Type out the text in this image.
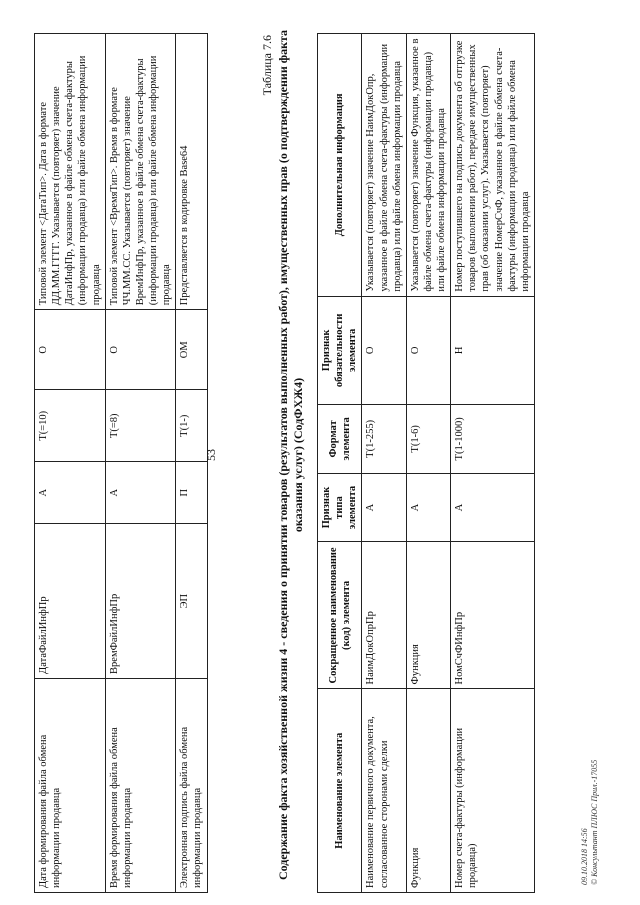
Дата формирования файла обмена информации продавца	ДатаФайлИнфПр	А	T(=10)	О	Типовой элемент <ДатаТип>. Дата в формате ДД.ММ.ГГГГ. Указывается (повторяет) значение ДатаИнфПр, указанное в файле обмена счета-фактуры (информации продавца) или файле обмена информации продавца
Время формирования файла обмена информации продавца	ВремФайлИнфПр	А	T(=8)	О	Типовой элемент <ВремяТип>. Время в формате ЧЧ.ММ.СС. Указывается (повторяет) значение ВремИнфПр, указанное в файле обмена счета-фактуры (информации продавца) или файле обмена информации продавца
Электронная подпись файла обмена информации продавца	ЭП	П	T(1-)	ОМ	Представляется в кодировке Base64
53
Таблица 7.6 Содержание факта хозяйственной жизни 4 - сведения о принятии товаров (результатов выполненных работ), имущественных прав (о подтверждении факта оказания услуг) (СодФХЖ4)
Наименование элемента	Сокращенное наименование (код) элемента	Признак типа элемента	Формат элемента	Признак обязательности элемента	Дополнительная информация
Наименование первичного документа, согласованное сторонами сделки	НаимДокОпрПр	А	T(1-255)	О	Указывается (повторяет) значение НаимДокОпр, указанное в файле обмена счета-фактуры (информации продавца) или файле обмена информации продавца
Функция	Функция	А	T(1-6)	О	Указывается (повторяет) значение Функция, указанное в файле обмена счета-фактуры (информации продавца) или файле обмена информации продавца
Номер счета-фактуры (информации продавца)	НомСчФИнфПр	А	T(1-1000)	Н	Номер поступившего на подпись документа об отгрузке товаров (выполнении работ), передаче имущественных прав (об оказании услуг). Указывается (повторяет) значение НомерСчФ, указанное в файле обмена счета-фактуры (информации продавца) или файле обмена информации продавца
09.10.2018 14:56 © Консультант ПЛЮС Прил.-17055
